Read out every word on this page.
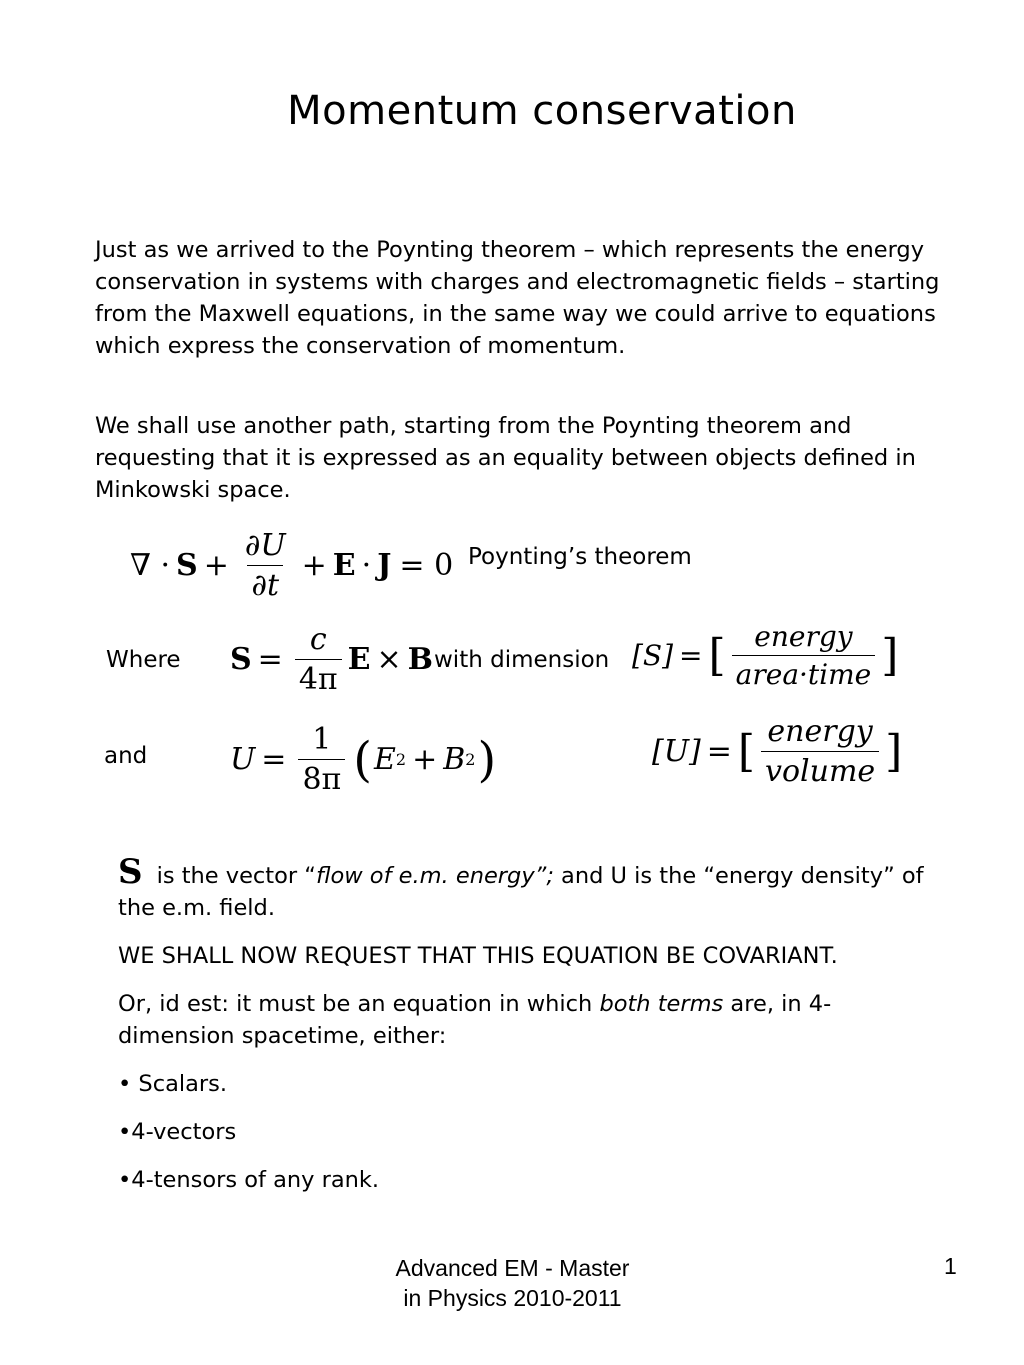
Momentum conservation
Just as we arrived to the Poynting theorem – which represents the energy conservation in systems with charges and electromagnetic fields – starting from the Maxwell equations, in the same way we could arrive to equations which express the conservation of momentum.
We shall use another path, starting from the Poynting theorem and requesting that it is expressed as an equality between objects defined in Minkowski space.
∇ · $S + \frac{\partial U}{\partial t} + E \cdot J = 0$ Poynting’s theorem
Where $S = \frac{c}{4\pi}$ E × B with dimension [S] = [ $\frac{\text{energy}}{\text{area·time}}$ ]
and	$U = \frac{1}{8\pi}$ ( E 2 + B 2 )	[U] = [ $\frac{\text{energy}}{\text{volume}}$ ]

Sis the vector “flow of e.m. energy”; and U is the “energy density” of the e.m. field.

WE SHALL NOW REQUEST THAT THIS EQUATION BE COVARIANT.

Or, id est: it must be an equation in which both terms are, in 4-dimension spacetime, either:

• Scalars.

•4-vectors

•4-tensors of any rank.

Advanced EM - Master
in Physics 2010-2011
1
